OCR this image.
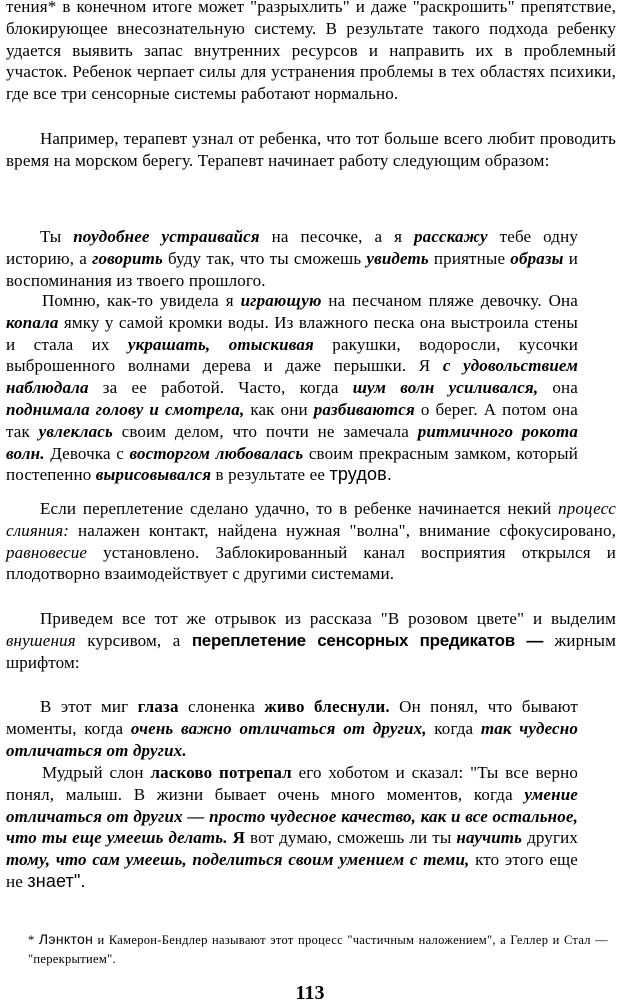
тения* в конечном итоге может "разрыхлить" и даже "раскрошить" препятствие, блокирующее внесознательную систему. В результате такого подхода ребенку удается выявить запас внутренних ресурсов и направить их в проблемный участок. Ребенок черпает силы для устранения проблемы в тех областях психики, где все три сенсорные системы работают нормально.

Например, терапевт узнал от ребенка, что тот больше всего любит проводить время на морском берегу. Терапевт начинает работу следующим образом:

Ты поудобнее устраивайся на песочке, а я расскажу тебе одну историю, а говорить буду так, что ты сможешь увидеть приятные образы и воспоминания из твоего прошлого.

Помню, как-то увидела я играющую на песчаном пляже девочку. Она копала ямку у самой кромки воды. Из влажного песка она выстроила стены и стала их украшать, отыскивая ракушки, водоросли, кусочки выброшенного волнами дерева и даже перышки. Я с удовольствием наблюдала за ее работой. Часто, когда шум волн усиливался, она поднимала голову и смотрела, как они разбиваются о берег. А потом она так увлеклась своим делом, что почти не замечала ритмичного рокота волн. Девочка с восторгом любовалась своим прекрасным замком, который постепенно вырисовывался в результате ее трудов.

Если переплетение сделано удачно, то в ребенке начинается некий процесс слияния: налажен контакт, найдена нужная "волна", внимание сфокусировано, равновесие установлено. Заблокированный канал восприятия открылся и плодотворно взаимодействует с другими системами.

Приведем все тот же отрывок из рассказа "В розовом цвете" и выделим внушения курсивом, а переплетение сенсорных предикатов — жирным шрифтом:

В этот миг глаза слоненка живо блеснули. Он понял, что бывают моменты, когда очень важно отличаться от других, когда так чудесно отличаться от других.

Мудрый слон ласково потрепал его хоботом и сказал: "Ты все верно понял, малыш. В жизни бывает очень много моментов, когда умение отличаться от других — просто чудесное качество, как и все остальное, что ты еще умеешь делать. Я вот думаю, сможешь ли ты научить других тому, что сам умеешь, поделиться своим умением с теми, кто этого еще не знает".

* Лэнктон и Камерон-Бендлер называют этот процесс "частичным наложением", а Геллер и Стал — "перекрытием".
113
